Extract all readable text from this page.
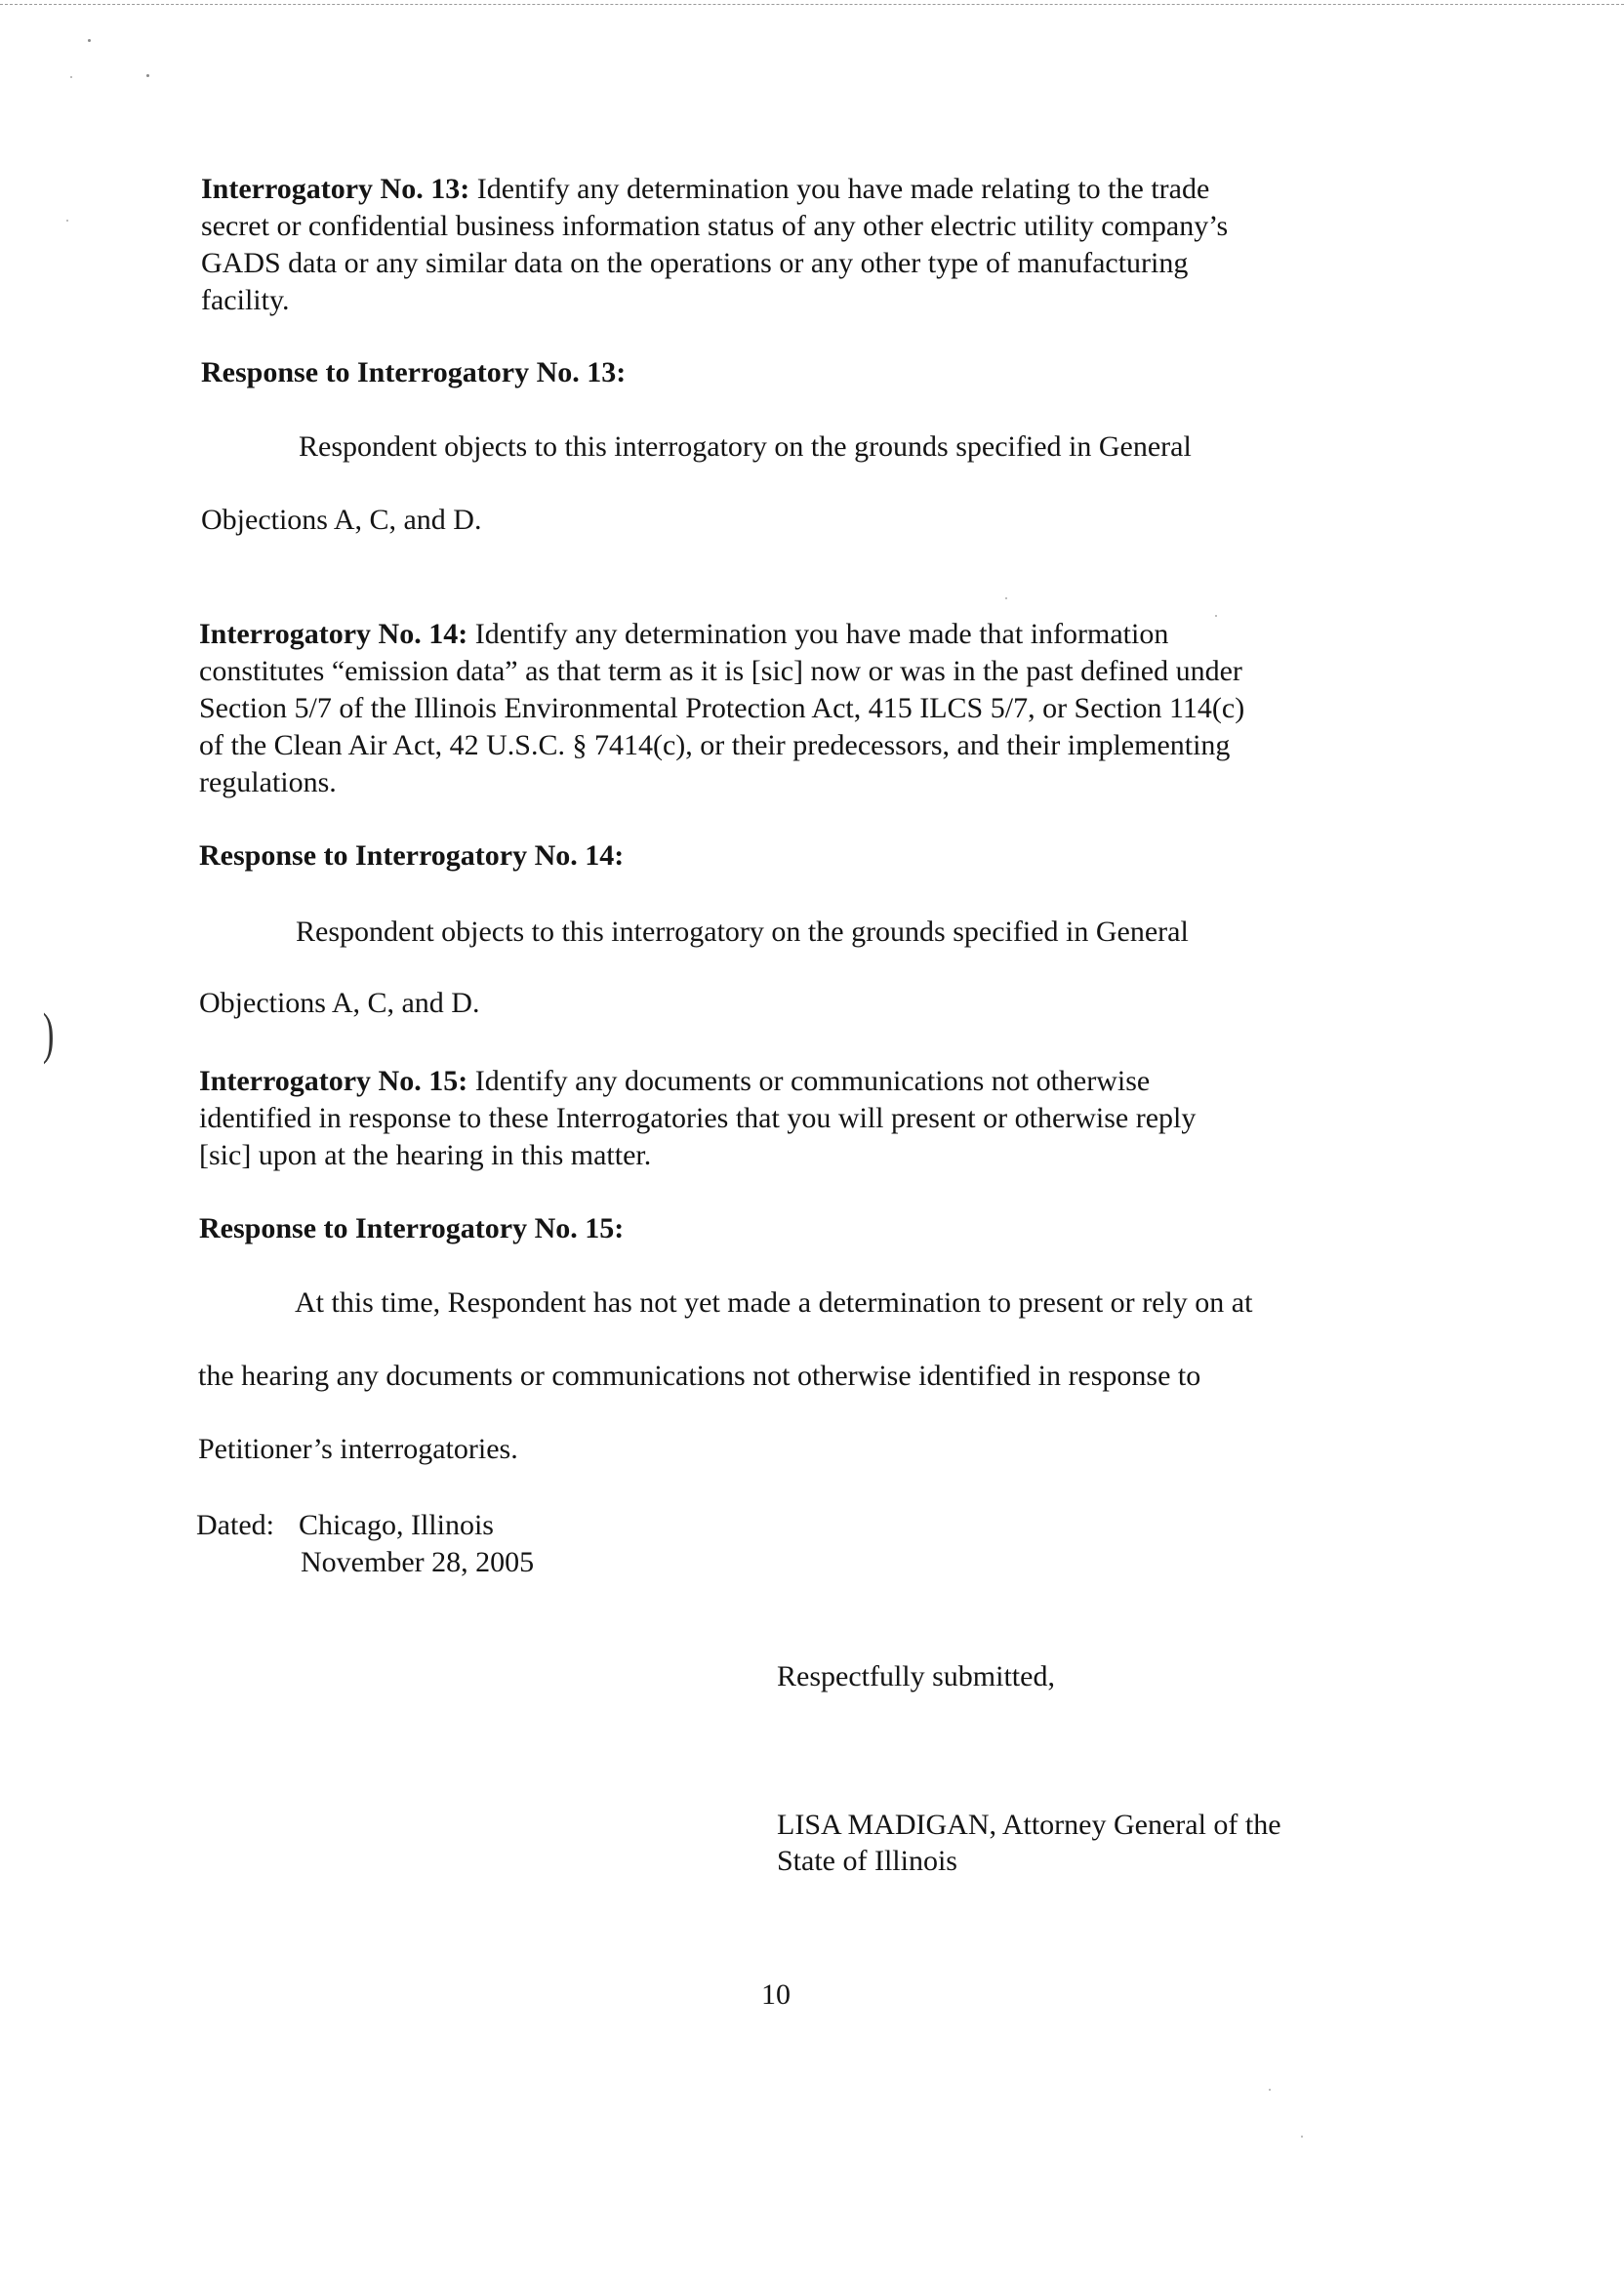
)
Interrogatory No. 13: Identify any determination you have made relating to the trade
secret or confidential business information status of any other electric utility company’s
GADS data or any similar data on the operations or any other type of manufacturing
facility.
Response to Interrogatory No. 13:
Respondent objects to this interrogatory on the grounds specified in General
Objections A, C, and D.
Interrogatory No. 14: Identify any determination you have made that information
constitutes “emission data” as that term as it is [sic] now or was in the past defined under
Section 5/7 of the Illinois Environmental Protection Act, 415 ILCS 5/7, or Section 114(c)
of the Clean Air Act, 42 U.S.C. § 7414(c), or their predecessors, and their implementing
regulations.
Response to Interrogatory No. 14:
Respondent objects to this interrogatory on the grounds specified in General
Objections A, C, and D.
Interrogatory No. 15: Identify any documents or communications not otherwise
identified in response to these Interrogatories that you will present or otherwise reply
[sic] upon at the hearing in this matter.
Response to Interrogatory No. 15:
At this time, Respondent has not yet made a determination to present or rely on at
the hearing any documents or communications not otherwise identified in response to
Petitioner’s interrogatories.
Dated: Chicago, Illinois
November 28, 2005
Respectfully submitted,
LISA MADIGAN, Attorney General of the
State of Illinois
10
